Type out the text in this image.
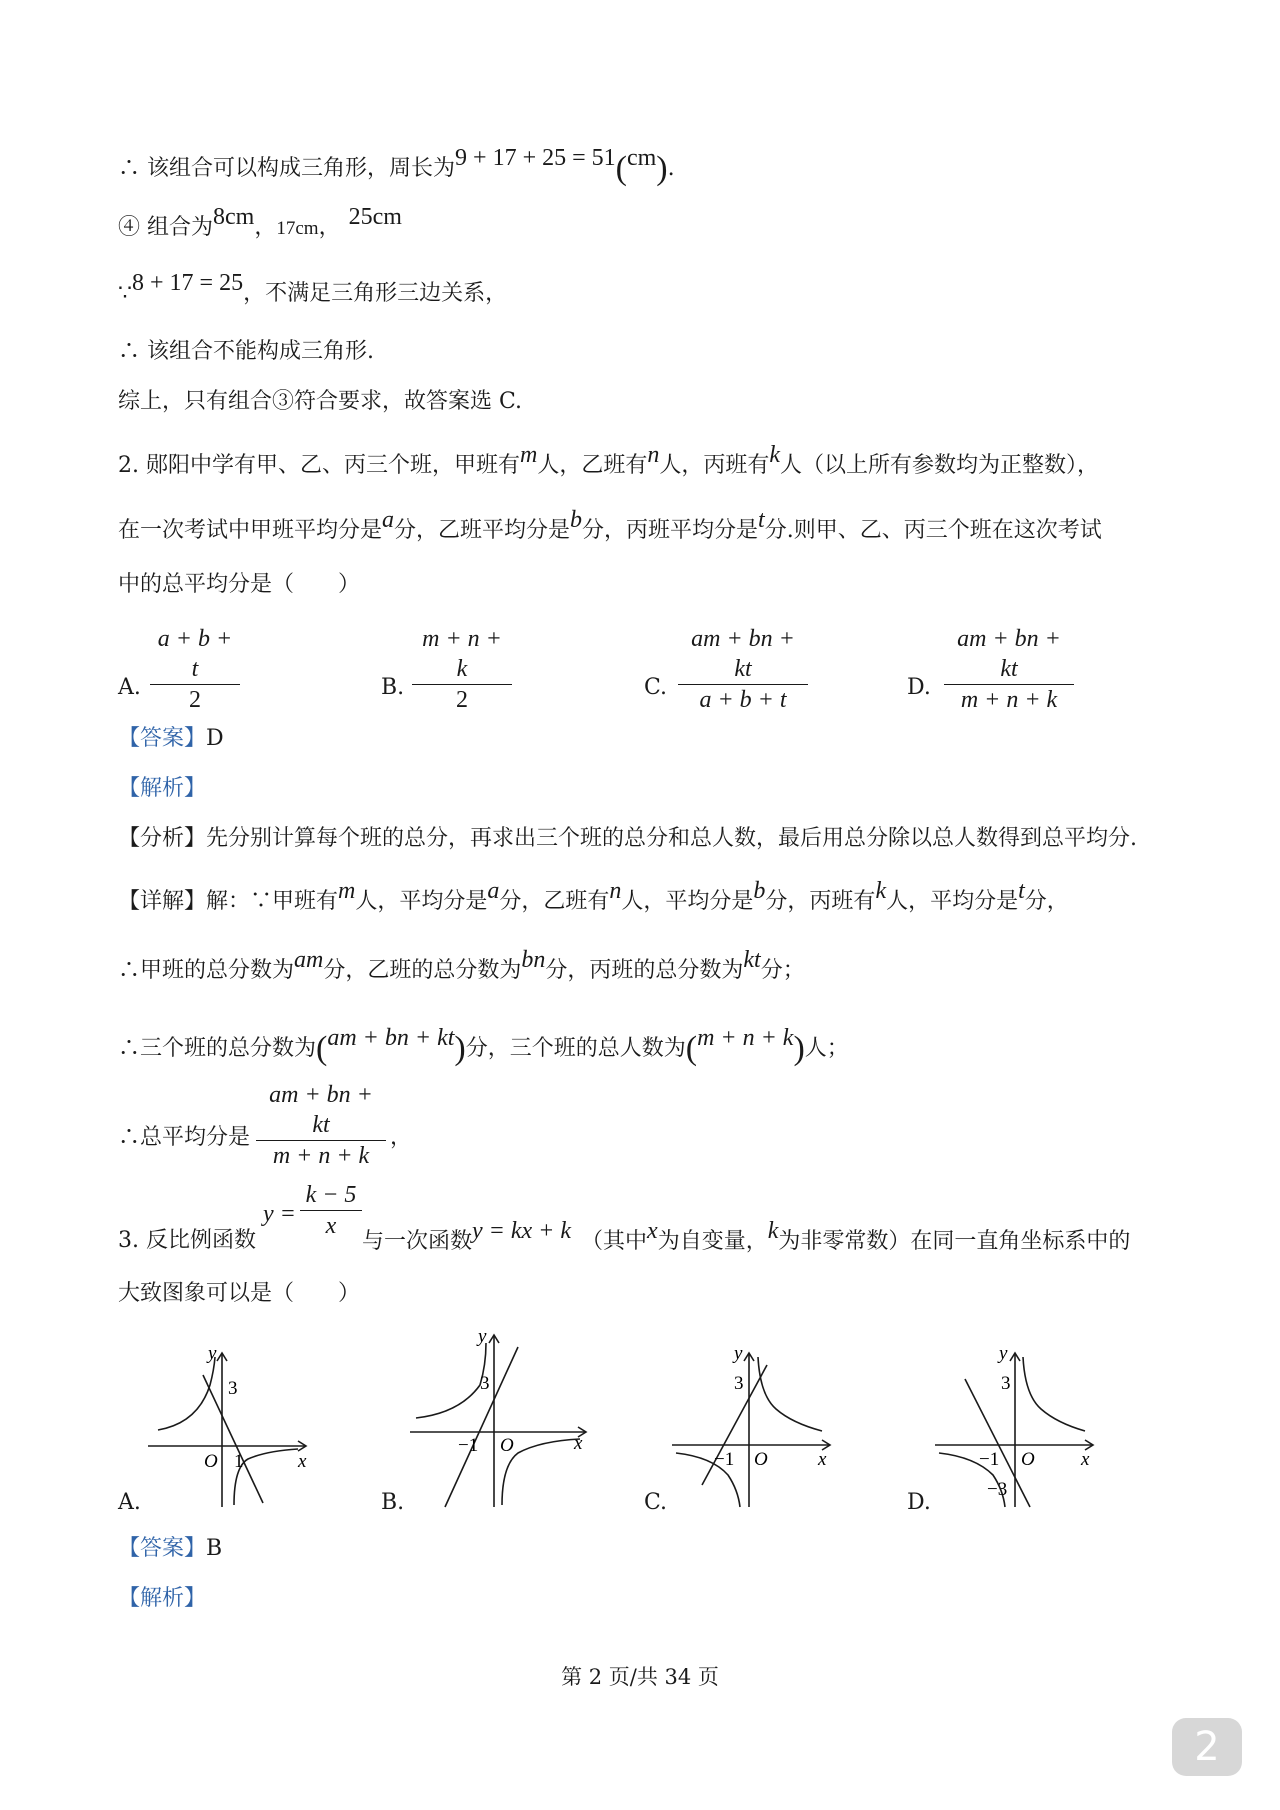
∴ 该组合可以构成三角形，周长为9 + 17 + 25 = 51(cm).
④ 组合为8cm，17cm， 25cm
∵8 + 17 = 25，不满足三角形三边关系，
∴ 该组合不能构成三角形.
综上，只有组合③符合要求，故答案选 C.
2. 郧阳中学有甲、乙、丙三个班，甲班有m人，乙班有n人，丙班有k人（以上所有参数均为正整数），
在一次考试中甲班平均分是a分，乙班平均分是b分，丙班平均分是t分.则甲、乙、丙三个班在这次考试
中的总平均分是（　　）
A.
a + b + t
2	B.
m + n + k
2	C.
am + bn + kt
a + b + t	D.
am + bn + kt
m + n + k
【答案】D
【解析】
【分析】先分别计算每个班的总分，再求出三个班的总分和总人数，最后用总分除以总人数得到总平均分.
【详解】解：∵甲班有m人，平均分是a分，乙班有n人，平均分是b分，丙班有k人，平均分是t分，
∴甲班的总分数为am分，乙班的总分数为bn分，丙班的总分数为kt分；
∴三个班的总分数为(am + bn + kt)分，三个班的总人数为(m + n + k)人；
∴总平均分是
am + bn + kt
m + n + k
，
3. 反比例函数
y =
k − 5
x
与一次函数y = kx + k （其中x为自变量，k为非零常数）在同一直角坐标系中的
大致图象可以是（　　）
A.
y
x
O
3
1
B.
y
x
O
3
−1
C.
y
x
O
3
−1
D.
y
x
O
3
−1
−3
【答案】B
【解析】
第 2 页/共 34 页
2
